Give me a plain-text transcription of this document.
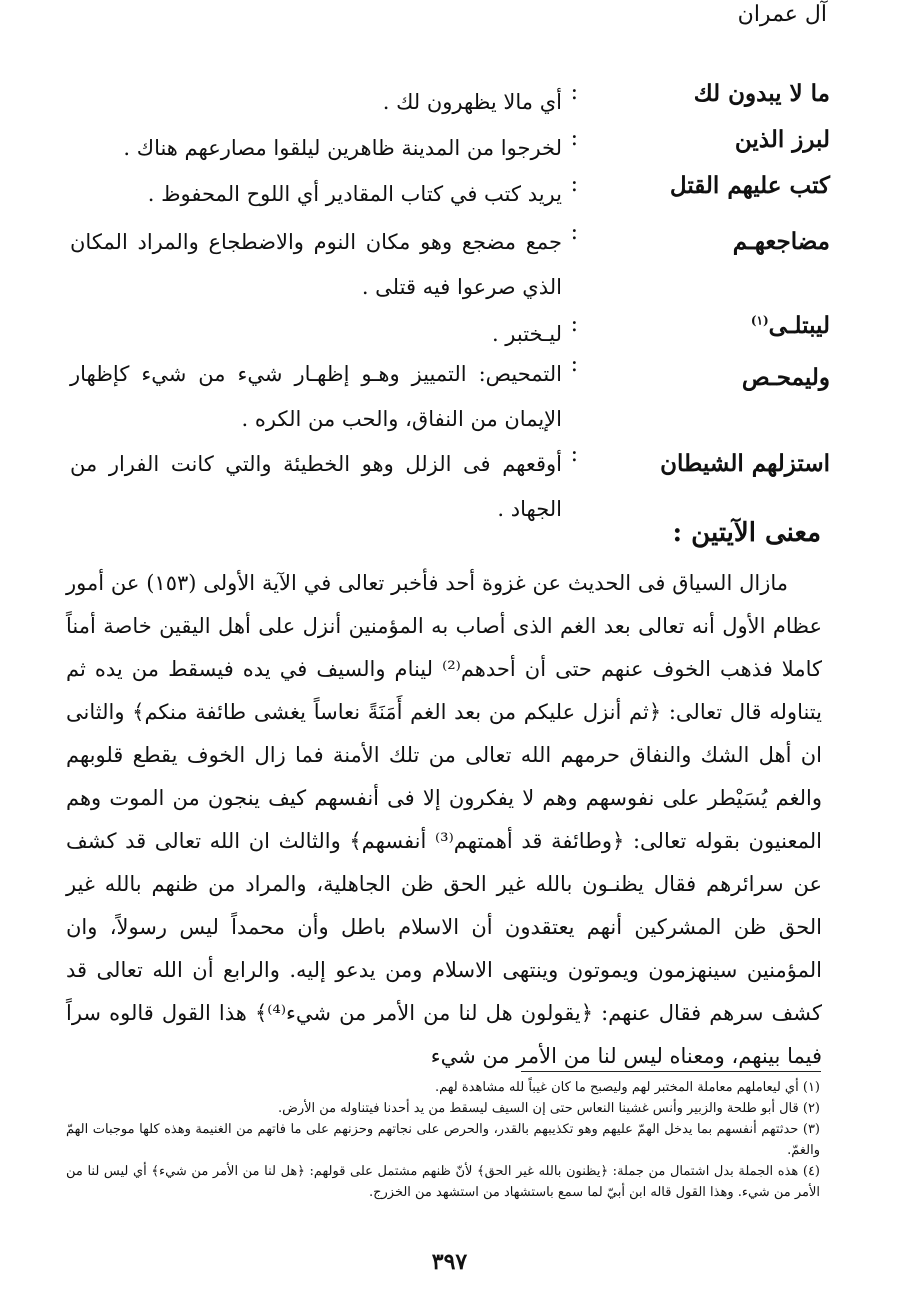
آل عمران
ما لا يبدون لك
:
أي مالا يظهرون لك .
لبرز الذين
:
لخرجوا من المدينة ظاهرين ليلقوا مصارعهم هناك .
كتب عليهم القتل
:
يريد كتب في كتاب المقادير أي اللوح المحفوظ .
مضاجعهـم
:
جمع مضجع وهو مكان النوم والاضطجاع والمراد المكان الذي صرعوا فيه قتلى .
ليبتلـى$^{(١)}$
:
ليـختبر .
وليمحـص
:
التمحيص: التمييز وهـو إظهـار شيء من شيء كإظهار الإيمان من النفاق، والحب من الكره .
استزلهم الشيطان
:
أوقعهم فى الزلل وهو الخطيئة والتي كانت الفرار من الجهاد .
معنى الآيتين :

مازال السياق فى الحديث عن غزوة أحد فأخبر تعالى في الآية الأولى (١٥٣) عن أمور عظام الأول أنه تعالى بعد الغم الذى أصاب به المؤمنين أنزل على أهل اليقين خاصة أمناً كاملا فذهب الخوف عنهم حتى أن أحدهم⁽²⁾ لينام والسيف في يده فيسقط من يده ثم يتناوله قال تعالى: ﴿ثم أنزل عليكم من بعد الغم أَمَنَةً نعاساً يغشى طائفة منكم﴾ والثانى ان أهل الشك والنفاق حرمهم الله تعالى من تلك الأمنة فما زال الخوف يقطع قلوبهم والغم يُسَيْطر على نفوسهم وهم لا يفكرون إلا فى أنفسهم كيف ينجون من الموت وهم المعنيون بقوله تعالى: ﴿وطائفة قد أهمتهم⁽³⁾ أنفسهم﴾ والثالث ان الله تعالى قد كشف عن سرائرهم فقال يظنـون بالله غير الحق ظن الجاهلية، والمراد من ظنهم بالله غير الحق ظن المشركين أنهم يعتقدون أن الاسلام باطل وأن محمداً ليس رسولاً، وان المؤمنين سينهزمون ويموتون وينتهى الاسلام ومن يدعو إليه. والرابع أن الله تعالى قد كشف سرهم فقال عنهم: ﴿يقولون هل لنا من الأمر من شيء⁽⁴⁾﴾ هذا القول قالوه سراً فيما بينهم، ومعناه ليس لنا من الأمر من شيء

(١) أي ليعاملهم معاملة المختبر لهم وليصبح ما كان غيباً لله مشاهدة لهم.
(٢) قال أبو طلحة والزبير وأنس غشينا النعاس حتى إن السيف ليسقط من يد أحدنا فيتناوله من الأرض.
(٣) حدثتهم أنفسهم بما يدخل الهمّ عليهم وهو تكذيبهم بالقدر، والحرص على نجاتهم وحزنهم على ما فاتهم من الغنيمة وهذه كلها موجبات الهمّ والغمّ.
(٤) هذه الجملة بدل اشتمال من جملة: ﴿يظنون بالله غير الحق﴾ لأنّ ظنهم مشتمل على قولهم: ﴿هل لنا من الأمر من شيء﴾ أي ليس لنا من الأمر من شيء. وهذا القول قاله ابن أبيّ لما سمع باستشهاد من استشهد من الخزرج.
٣٩٧
